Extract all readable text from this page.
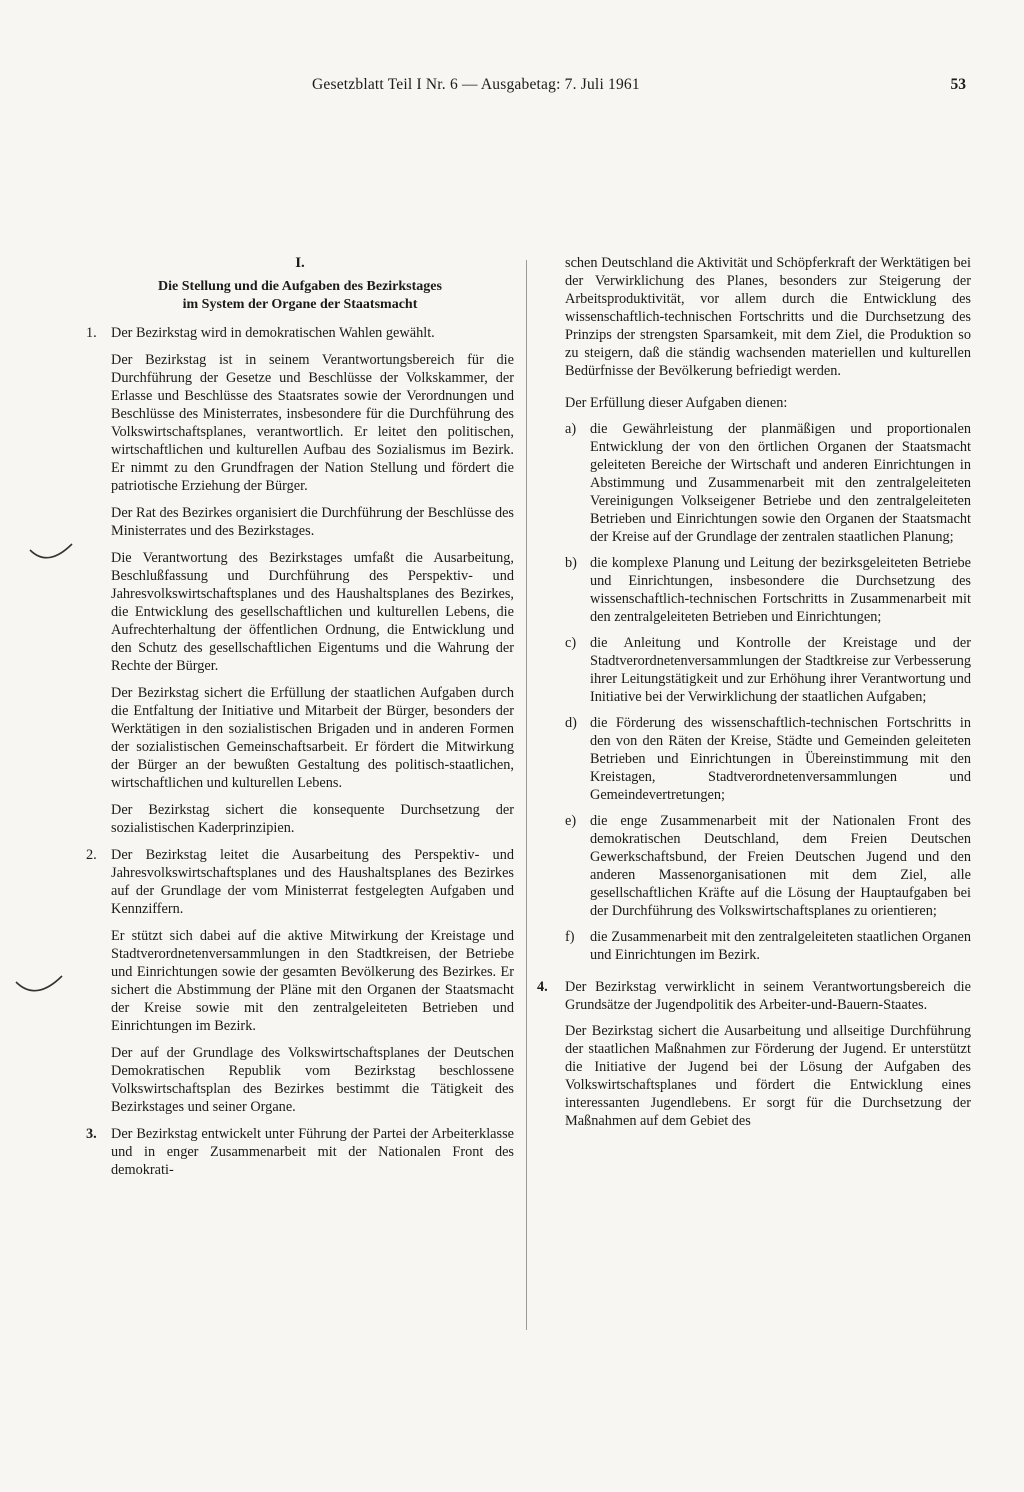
Gesetzblatt Teil I Nr. 6 — Ausgabetag: 7. Juli 1961	53
I.
Die Stellung und die Aufgaben des Bezirkstages
im System der Organe der Staatsmacht
1. Der Bezirkstag wird in demokratischen Wahlen gewählt.
Der Bezirkstag ist in seinem Verantwortungsbereich für die Durchführung der Gesetze und Beschlüsse der Volkskammer, der Erlasse und Beschlüsse des Staatsrates sowie der Verordnungen und Beschlüsse des Ministerrates, insbesondere für die Durchführung des Volkswirtschaftsplanes, verantwortlich. Er leitet den politischen, wirtschaftlichen und kulturellen Aufbau des Sozialismus im Bezirk. Er nimmt zu den Grundfragen der Nation Stellung und fördert die patriotische Erziehung der Bürger.
Der Rat des Bezirkes organisiert die Durchführung der Beschlüsse des Ministerrates und des Bezirkstages.
Die Verantwortung des Bezirkstages umfaßt die Ausarbeitung, Beschlußfassung und Durchführung des Perspektiv- und Jahresvolkswirtschaftsplanes und des Haushaltsplanes des Bezirkes, die Entwicklung des gesellschaftlichen und kulturellen Lebens, die Aufrechterhaltung der öffentlichen Ordnung, die Entwicklung und den Schutz des gesellschaftlichen Eigentums und die Wahrung der Rechte der Bürger.
Der Bezirkstag sichert die Erfüllung der staatlichen Aufgaben durch die Entfaltung der Initiative und Mitarbeit der Bürger, besonders der Werktätigen in den sozialistischen Brigaden und in anderen Formen der sozialistischen Gemeinschaftsarbeit. Er fördert die Mitwirkung der Bürger an der bewußten Gestaltung des politisch-staatlichen, wirtschaftlichen und kulturellen Lebens.
Der Bezirkstag sichert die konsequente Durchsetzung der sozialistischen Kaderprinzipien.
2. Der Bezirkstag leitet die Ausarbeitung des Perspektiv- und Jahresvolkswirtschaftsplanes und des Haushaltsplanes des Bezirkes auf der Grundlage der vom Ministerrat festgelegten Aufgaben und Kennziffern.
Er stützt sich dabei auf die aktive Mitwirkung der Kreistage und Stadtverordnetenversammlungen in den Stadtkreisen, der Betriebe und Einrichtungen sowie der gesamten Bevölkerung des Bezirkes. Er sichert die Abstimmung der Pläne mit den Organen der Staatsmacht der Kreise sowie mit den zentralgeleiteten Betrieben und Einrichtungen im Bezirk.
Der auf der Grundlage des Volkswirtschaftsplanes der Deutschen Demokratischen Republik vom Bezirkstag beschlossene Volkswirtschaftsplan des Bezirkes bestimmt die Tätigkeit des Bezirkstages und seiner Organe.
3. Der Bezirkstag entwickelt unter Führung der Partei der Arbeiterklasse und in enger Zusammenarbeit mit der Nationalen Front des demokrati-
schen Deutschland die Aktivität und Schöpferkraft der Werktätigen bei der Verwirklichung des Planes, besonders zur Steigerung der Arbeitsproduktivität, vor allem durch die Entwicklung des wissenschaftlich-technischen Fortschritts und die Durchsetzung des Prinzips der strengsten Sparsamkeit, mit dem Ziel, die Produktion so zu steigern, daß die ständig wachsenden materiellen und kulturellen Bedürfnisse der Bevölkerung befriedigt werden.
Der Erfüllung dieser Aufgaben dienen:
a) die Gewährleistung der planmäßigen und proportionalen Entwicklung der von den örtlichen Organen der Staatsmacht geleiteten Bereiche der Wirtschaft und anderen Einrichtungen in Abstimmung und Zusammenarbeit mit den zentralgeleiteten Vereinigungen Volkseigener Betriebe und den zentralgeleiteten Betrieben und Einrichtungen sowie den Organen der Staatsmacht der Kreise auf der Grundlage der zentralen staatlichen Planung;
b) die komplexe Planung und Leitung der bezirksgeleiteten Betriebe und Einrichtungen, insbesondere die Durchsetzung des wissenschaftlich-technischen Fortschritts in Zusammenarbeit mit den zentralgeleiteten Betrieben und Einrichtungen;
c) die Anleitung und Kontrolle der Kreistage und der Stadtverordnetenversammlungen der Stadtkreise zur Verbesserung ihrer Leitungstätigkeit und zur Erhöhung ihrer Verantwortung und Initiative bei der Verwirklichung der staatlichen Aufgaben;
d) die Förderung des wissenschaftlich-technischen Fortschritts in den von den Räten der Kreise, Städte und Gemeinden geleiteten Betrieben und Einrichtungen in Übereinstimmung mit den Kreistagen, Stadtverordnetenversammlungen und Gemeindevertretungen;
e) die enge Zusammenarbeit mit der Nationalen Front des demokratischen Deutschland, dem Freien Deutschen Gewerkschaftsbund, der Freien Deutschen Jugend und den anderen Massenorganisationen mit dem Ziel, alle gesellschaftlichen Kräfte auf die Lösung der Hauptaufgaben bei der Durchführung des Volkswirtschaftsplanes zu orientieren;
f) die Zusammenarbeit mit den zentralgeleiteten staatlichen Organen und Einrichtungen im Bezirk.
4. Der Bezirkstag verwirklicht in seinem Verantwortungsbereich die Grundsätze der Jugendpolitik des Arbeiter-und-Bauern-Staates.
Der Bezirkstag sichert die Ausarbeitung und allseitige Durchführung der staatlichen Maßnahmen zur Förderung der Jugend. Er unterstützt die Initiative der Jugend bei der Lösung der Aufgaben des Volkswirtschaftsplanes und fördert die Entwicklung eines interessanten Jugendlebens. Er sorgt für die Durchsetzung der Maßnahmen auf dem Gebiet des
